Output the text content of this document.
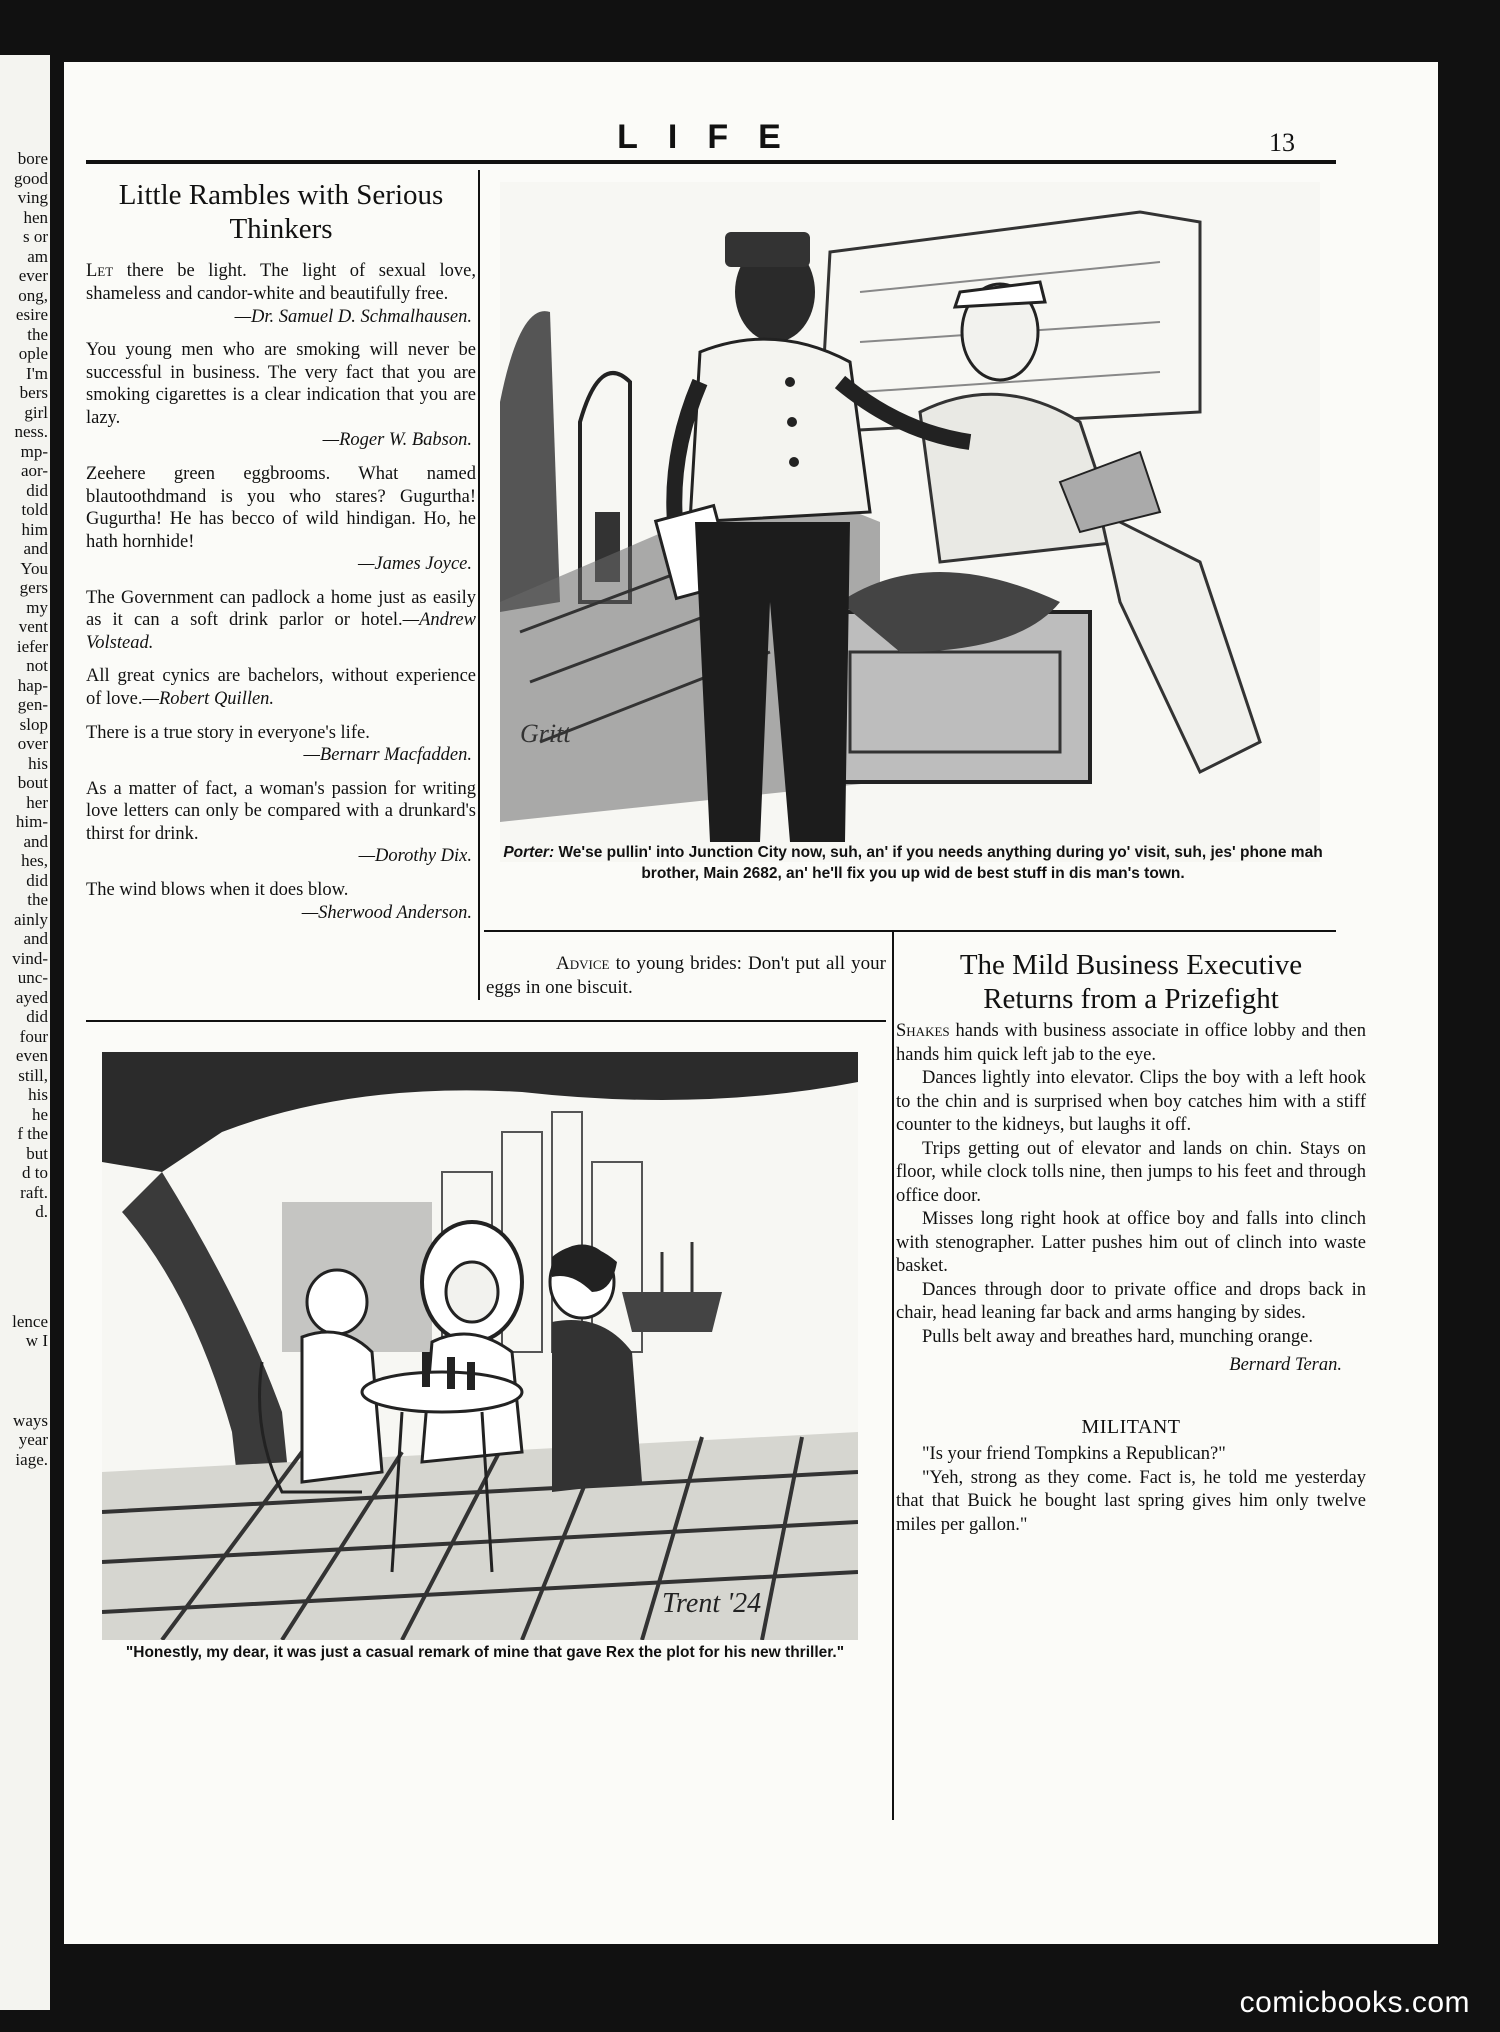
bore
good
ving
hen
s or
am
ever
ong,
esire
the
ople
I'm
bers
girl
ness.
mp-
aor-
did
told
him
and
You
gers
my
vent
iefer
not
hap-
gen-
slop
over
his
bout
her
him-
and
hes,
did
the
ainly
and
vind-
unc-
ayed
did
four
even
still,
his
he
f the
but
d to
raft.
d.
lence
w I
ways
year
iage.
LIFE	13
Little Rambles with Serious
Thinkers

Let there be light. The light of sexual love, shameless and candor-white and beautifully free.
—Dr. Samuel D. Schmalhausen.

You young men who are smoking will never be successful in business. The very fact that you are smoking cigarettes is a clear indication that you are lazy.
—Roger W. Babson.

Zeehere green eggbrooms. What named blautoothdmand is you who stares? Gugurtha! Gugurtha! He has becco of wild hindigan. Ho, he hath hornhide!
—James Joyce.

The Government can padlock a home just as easily as it can a soft drink parlor or hotel.—Andrew Volstead.

All great cynics are bachelors, without experience of love.—Robert Quillen.

There is a true story in everyone's life.
—Bernarr Macfadden.

As a matter of fact, a woman's passion for writing love letters can only be compared with a drunkard's thirst for drink.
—Dorothy Dix.

The wind blows when it does blow.
—Sherwood Anderson.

Gritt
Porter: We'se pullin' into Junction City now, suh, an' if you needs anything during yo' visit, suh, jes' phone mah brother, Main 2682, an' he'll fix you up wid de best stuff in dis man's town.
Advice to young brides: Don't put all your eggs in one biscuit.
Trent '24
"Honestly, my dear, it was just a casual remark of mine that gave Rex the plot for his new thriller."
The Mild Business Executive
Returns from a Prizefight

Shakes hands with business associate in office lobby and then hands him quick left jab to the eye.

Dances lightly into elevator. Clips the boy with a left hook to the chin and is surprised when boy catches him with a stiff counter to the kidneys, but laughs it off.

Trips getting out of elevator and lands on chin. Stays on floor, while clock tolls nine, then jumps to his feet and through office door.

Misses long right hook at office boy and falls into clinch with stenographer. Latter pushes him out of clinch into waste basket.

Dances through door to private office and drops back in chair, head leaning far back and arms hanging by sides.

Pulls belt away and breathes hard, munching orange.

Bernard Teran.
MILITANT

"Is your friend Tompkins a Republican?"

"Yeh, strong as they come. Fact is, he told me yesterday that that Buick he bought last spring gives him only twelve miles per gallon."

comicbooks.com
